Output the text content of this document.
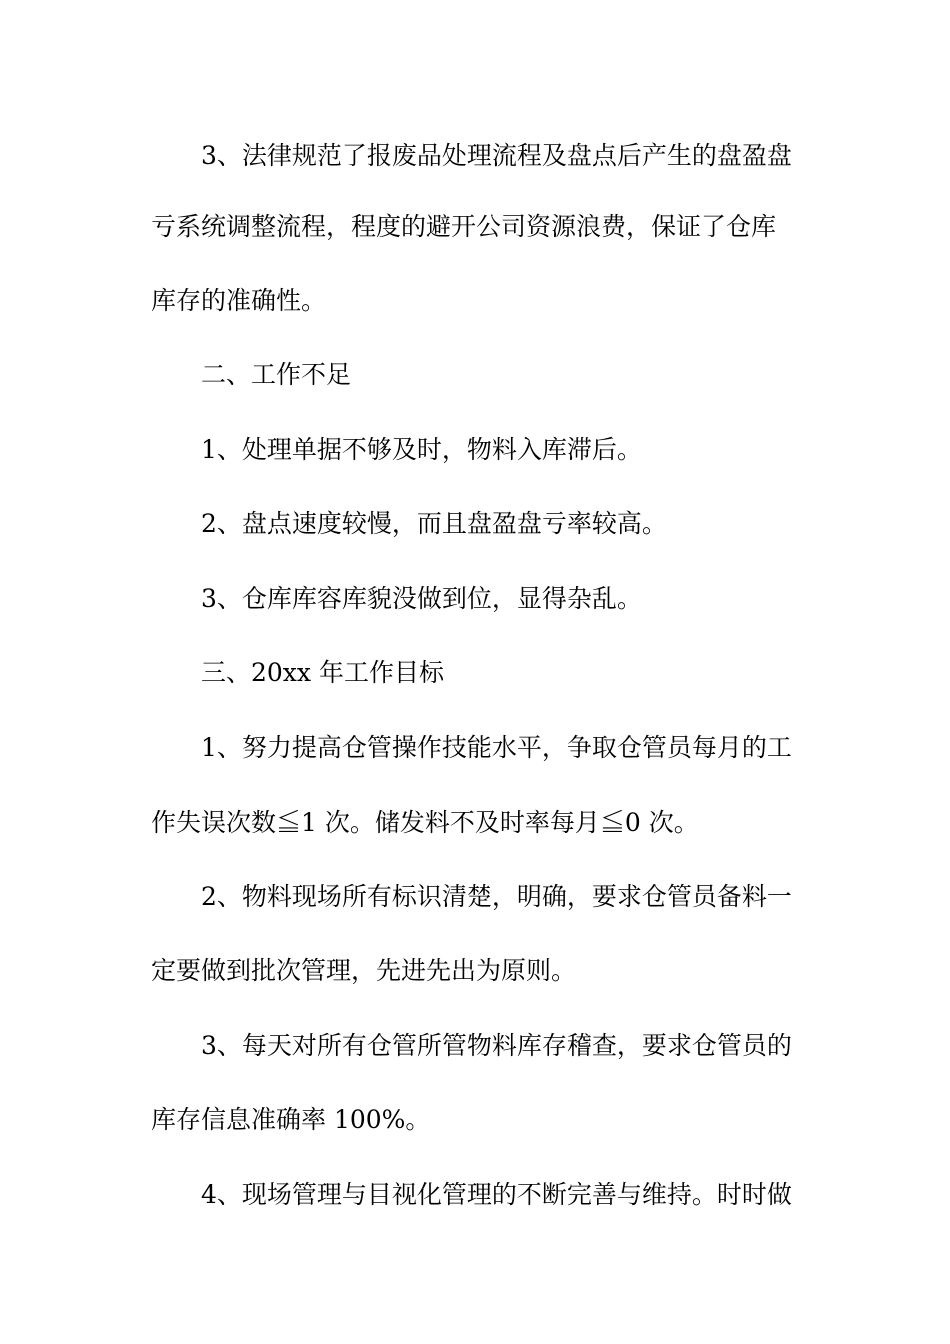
3、法律规范了报废品处理流程及盘点后产生的盘盈盘
亏系统调整流程，程度的避开公司资源浪费，保证了仓库
库存的准确性。
二、工作不足
1、处理单据不够及时，物料入库滞后。
2、盘点速度较慢，而且盘盈盘亏率较高。
3、仓库库容库貌没做到位，显得杂乱。
三、20xx 年工作目标
1、努力提高仓管操作技能水平，争取仓管员每月的工
作失误次数≦1 次。储发料不及时率每月≦0 次。
2、物料现场所有标识清楚，明确，要求仓管员备料一
定要做到批次管理，先进先出为原则。
3、每天对所有仓管所管物料库存稽查，要求仓管员的
库存信息准确率 100%。
4、现场管理与目视化管理的不断完善与维持。时时做
